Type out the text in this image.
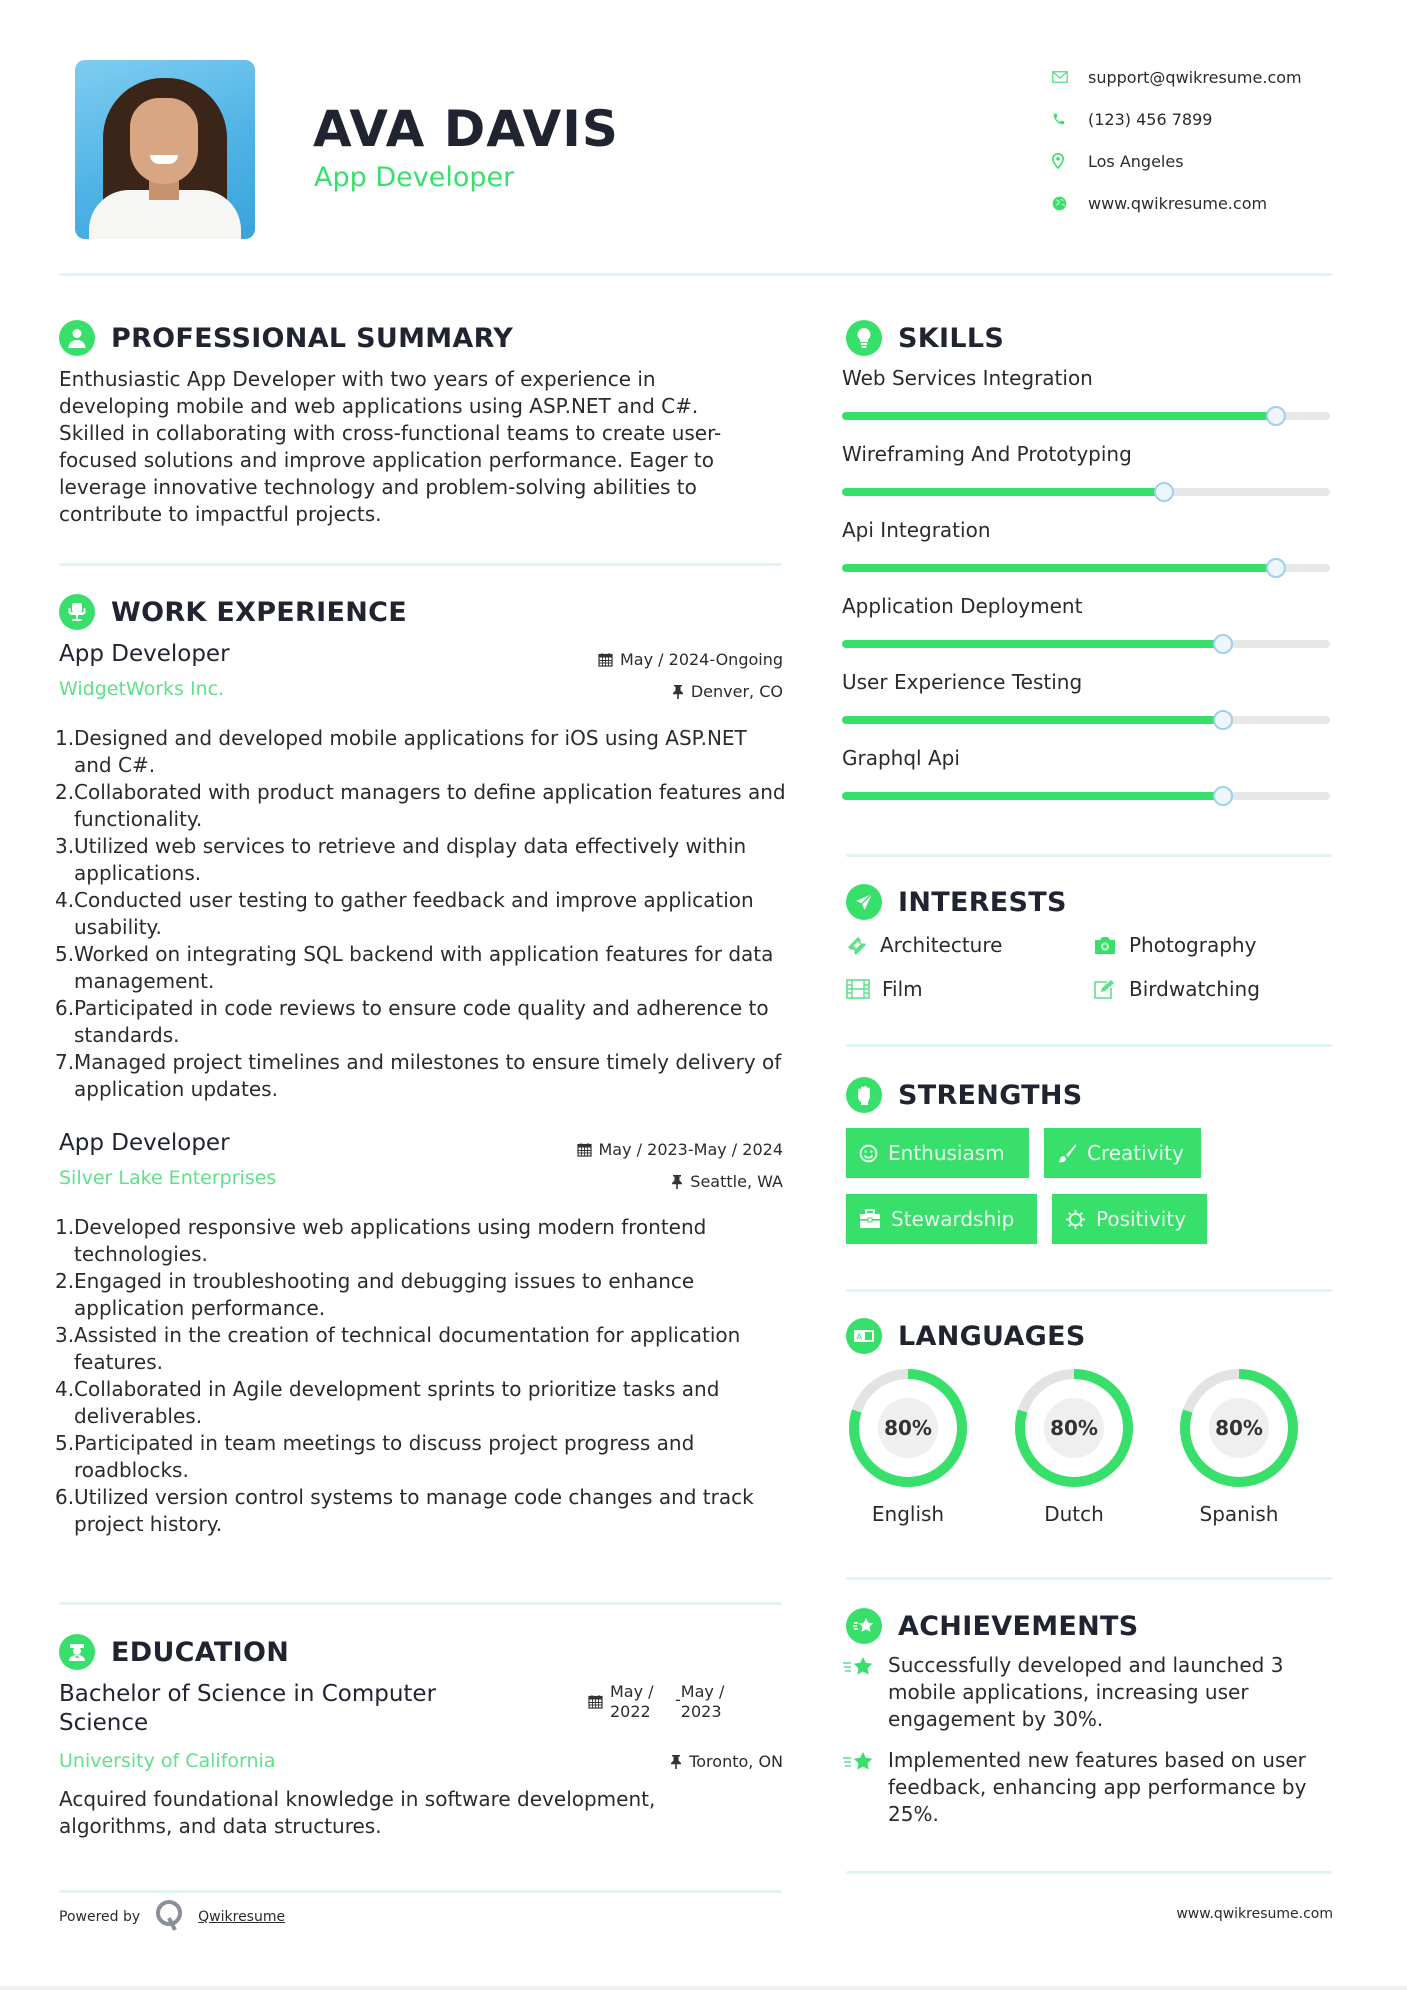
AVA DAVIS
App Developer
support@qwikresume.com
(123) 456 7899
Los Angeles
www.qwikresume.com
PROFESSIONAL SUMMARY
Enthusiastic App Developer with two years of experience in developing mobile and web applications using ASP.NET and C#. Skilled in collaborating with cross-functional teams to create user-focused solutions and improve application performance. Eager to leverage innovative technology and problem-solving abilities to contribute to impactful projects.
WORK EXPERIENCE
App Developer	May / 2024-Ongoing
WidgetWorks Inc.	Denver, CO
1. Designed and developed mobile applications for iOS using ASP.NET and C#.
2. Collaborated with product managers to define application features and functionality.
3. Utilized web services to retrieve and display data effectively within applications.
4. Conducted user testing to gather feedback and improve application usability.
5. Worked on integrating SQL backend with application features for data management.
6. Participated in code reviews to ensure code quality and adherence to standards.
7. Managed project timelines and milestones to ensure timely delivery of application updates.
App Developer	May / 2023-May / 2024
Silver Lake Enterprises	Seattle, WA
1. Developed responsive web applications using modern frontend technologies.
2. Engaged in troubleshooting and debugging issues to enhance application performance.
3. Assisted in the creation of technical documentation for application features.
4. Collaborated in Agile development sprints to prioritize tasks and deliverables.
5. Participated in team meetings to discuss project progress and roadblocks.
6. Utilized version control systems to manage code changes and track project history.
EDUCATION
Bachelor of Science in Computer Science
May / 2022
- May / 2023
University of California	Toronto, ON
Acquired foundational knowledge in software development, algorithms, and data structures.
SKILLS
Web Services Integration
Wireframing And Prototyping
Api Integration
Application Deployment
User Experience Testing
Graphql Api
INTERESTS
Architecture	Photography
Film	Birdwatching
STRENGTHS
Enthusiasm	Creativity
Stewardship	Positivity
A LANGUAGES
80%
English
80%
Dutch
80%
Spanish
ACHIEVEMENTS
Successfully developed and launched 3 mobile applications, increasing user engagement by 30%.
Implemented new features based on user feedback, enhancing app performance by 25%.
Powered by	Qwikresume	www.qwikresume.com
